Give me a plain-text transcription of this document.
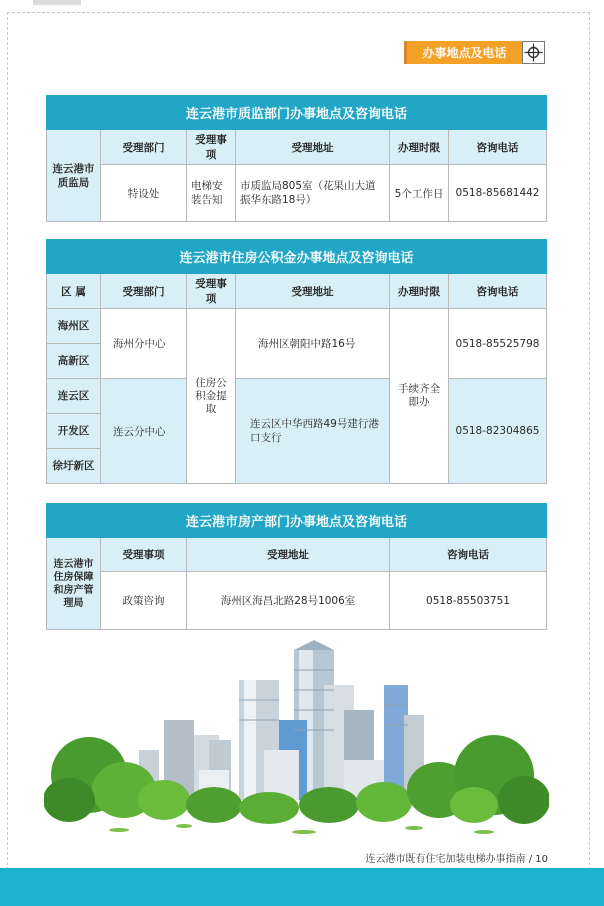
办事地点及电话
连云港市质监部门办事地点及咨询电话					
连云港市质监局	受理部门	受理事项	受理地址	办理时限	咨询电话
	特设处	电梯安装告知	市质监局805室（花果山大道振华东路18号）	5个工作日	0518-85681442
连云港市住房公积金办事地点及咨询电话					
区 属	受理部门	受理事项	受理地址	办理时限	咨询电话
海州区	海州分中心	住房公积金提取	海州区朝阳中路16号	手续齐全即办	0518-85525798
高新区					
连云区	连云分中心		连云区中华西路49号建行港口支行		0518-82304865
开发区					
徐圩新区					
连云港市房产部门办事地点及咨询电话			
连云港市住房保障和房产管理局	受理事项	受理地址	咨询电话
	政策咨询	海州区海昌北路28号1006室	0518-85503751
连云港市既有住宅加装电梯办事指南 / 10
